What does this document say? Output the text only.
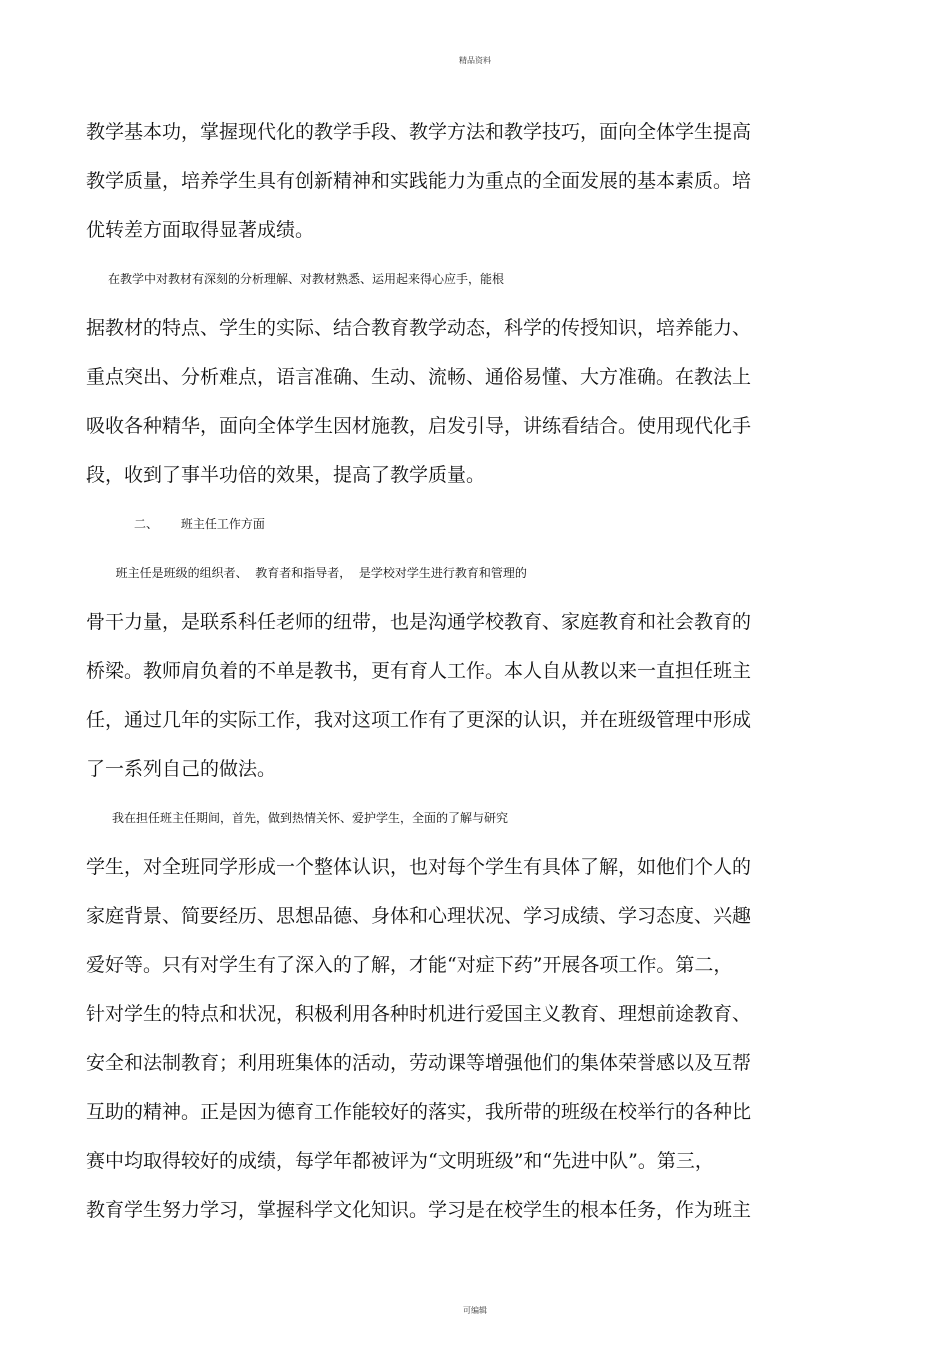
精品资料
教学基本功，掌握现代化的教学手段、教学方法和教学技巧，面向全体学生提高
教学质量，培养学生具有创新精神和实践能力为重点的全面发展的基本素质。培
优转差方面取得显著成绩。
在教学中对教材有深刻的分析理解、对教材熟悉、运用起来得心应手，能根
据教材的特点、学生的实际、结合教育教学动态，科学的传授知识，培养能力、
重点突出、分析难点，语言准确、生动、流畅、通俗易懂、大方准确。在教法上
吸收各种精华，面向全体学生因材施教，启发引导，讲练看结合。使用现代化手
段，收到了事半功倍的效果，提高了教学质量。
二、      班主任工作方面
班主任是班级的组织者、  教育者和指导者，  是学校对学生进行教育和管理的
骨干力量，是联系科任老师的纽带，也是沟通学校教育、家庭教育和社会教育的
桥梁。教师肩负着的不单是教书，更有育人工作。本人自从教以来一直担任班主
任，通过几年的实际工作，我对这项工作有了更深的认识，并在班级管理中形成
了一系列自己的做法。
我在担任班主任期间，首先，做到热情关怀、爱护学生，全面的了解与研究
学生，对全班同学形成一个整体认识，也对每个学生有具体了解，如他们个人的
家庭背景、简要经历、思想品德、身体和心理状况、学习成绩、学习态度、兴趣
爱好等。只有对学生有了深入的了解，才能“对症下药”开展各项工作。第二，
针对学生的特点和状况，积极利用各种时机进行爱国主义教育、理想前途教育、
安全和法制教育；利用班集体的活动，劳动课等增强他们的集体荣誉感以及互帮
互助的精神。正是因为德育工作能较好的落实，我所带的班级在校举行的各种比
赛中均取得较好的成绩，每学年都被评为“文明班级”和“先进中队”。第三，
教育学生努力学习，掌握科学文化知识。学习是在校学生的根本任务，作为班主
可编辑
